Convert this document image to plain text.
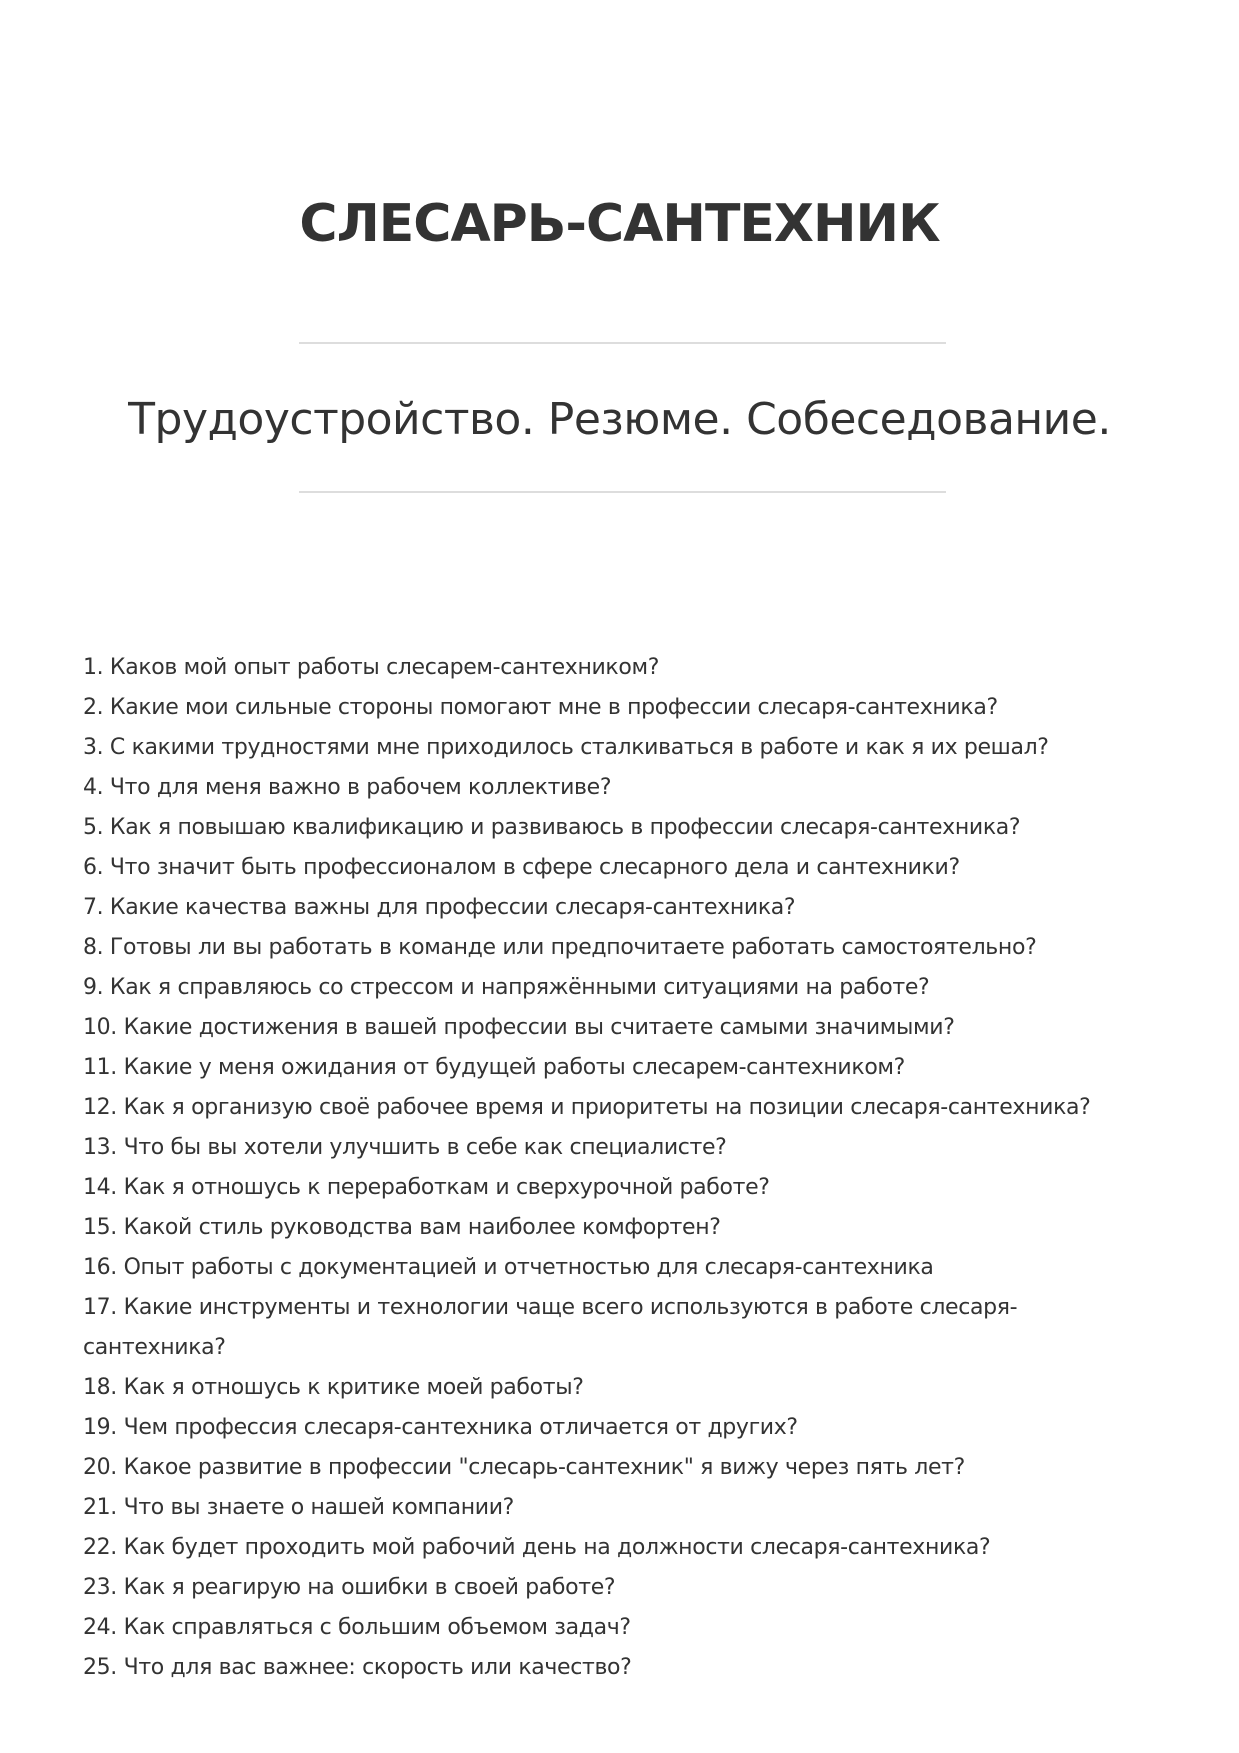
СЛЕСАРЬ-САНТЕХНИК
Трудоустройство. Резюме. Собеседование.
1. Каков мой опыт работы слесарем-сантехником?
2. Какие мои сильные стороны помогают мне в профессии слесаря-сантехника?
3. С какими трудностями мне приходилось сталкиваться в работе и как я их решал?
4. Что для меня важно в рабочем коллективе?
5. Как я повышаю квалификацию и развиваюсь в профессии слесаря-сантехника?
6. Что значит быть профессионалом в сфере слесарного дела и сантехники?
7. Какие качества важны для профессии слесаря-сантехника?
8. Готовы ли вы работать в команде или предпочитаете работать самостоятельно?
9. Как я справляюсь со стрессом и напряжёнными ситуациями на работе?
10. Какие достижения в вашей профессии вы считаете самыми значимыми?
11. Какие у меня ожидания от будущей работы слесарем-сантехником?
12. Как я организую своё рабочее время и приоритеты на позиции слесаря-сантехника?
13. Что бы вы хотели улучшить в себе как специалисте?
14. Как я отношусь к переработкам и сверхурочной работе?
15. Какой стиль руководства вам наиболее комфортен?
16. Опыт работы с документацией и отчетностью для слесаря-сантехника
17. Какие инструменты и технологии чаще всего используются в работе слесаря-сантехника?
18. Как я отношусь к критике моей работы?
19. Чем профессия слесаря-сантехника отличается от других?
20. Какое развитие в профессии "слесарь-сантехник" я вижу через пять лет?
21. Что вы знаете о нашей компании?
22. Как будет проходить мой рабочий день на должности слесаря-сантехника?
23. Как я реагирую на ошибки в своей работе?
24. Как справляться с большим объемом задач?
25. Что для вас важнее: скорость или качество?
